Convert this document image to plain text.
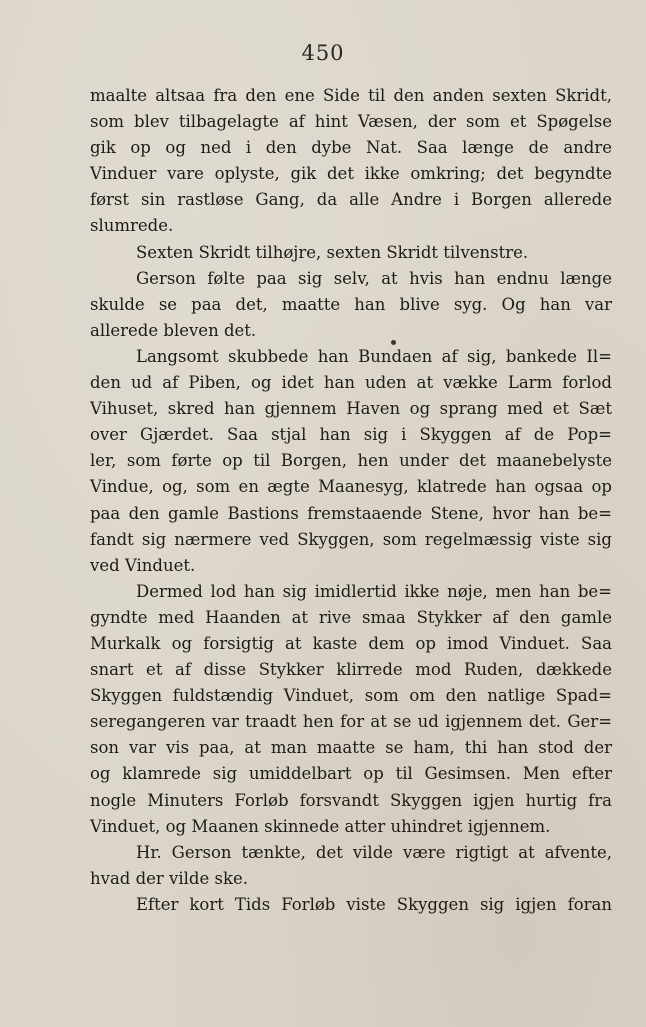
450
maalte altsaa fra den ene Side til den anden sexten Skridt,
som blev tilbagelagte af hint Væsen, der som et Spøgelse
gik op og ned i den dybe Nat. Saa længe de andre
Vinduer vare oplyste, gik det ikke omkring; det begyndte
først sin rastløse Gang, da alle Andre i Borgen allerede
slumrede.
Sexten Skridt tilhøjre, sexten Skridt tilvenstre.
Gerson følte paa sig selv, at hvis han endnu længe
skulde se paa det, maatte han blive syg. Og han var
allerede bleven det.
Langsomt skubbede han Bundaen af sig, bankede Il=
den ud af Piben, og idet han uden at vække Larm forlod
Vihuset, skred han gjennem Haven og sprang med et Sæt
over Gjærdet. Saa stjal han sig i Skyggen af de Pop=
ler, som førte op til Borgen, hen under det maanebelyste
Vindue, og, som en ægte Maanesyg, klatrede han ogsaa op
paa den gamle Bastions fremstaaende Stene, hvor han be=
fandt sig nærmere ved Skyggen, som regelmæssig viste sig
ved Vinduet.
Dermed lod han sig imidlertid ikke nøje, men han be=
gyndte med Haanden at rive smaa Stykker af den gamle
Murkalk og forsigtig at kaste dem op imod Vinduet. Saa
snart et af disse Stykker klirrede mod Ruden, dækkede
Skyggen fuldstændig Vinduet, som om den natlige Spad=
seregangeren var traadt hen for at se ud igjennem det. Ger=
son var vis paa, at man maatte se ham, thi han stod der
og klamrede sig umiddelbart op til Gesimsen. Men efter
nogle Minuters Forløb forsvandt Skyggen igjen hurtig fra
Vinduet, og Maanen skinnede atter uhindret igjennem.
Hr. Gerson tænkte, det vilde være rigtigt at afvente,
hvad der vilde ske.
Efter kort Tids Forløb viste Skyggen sig igjen foran
